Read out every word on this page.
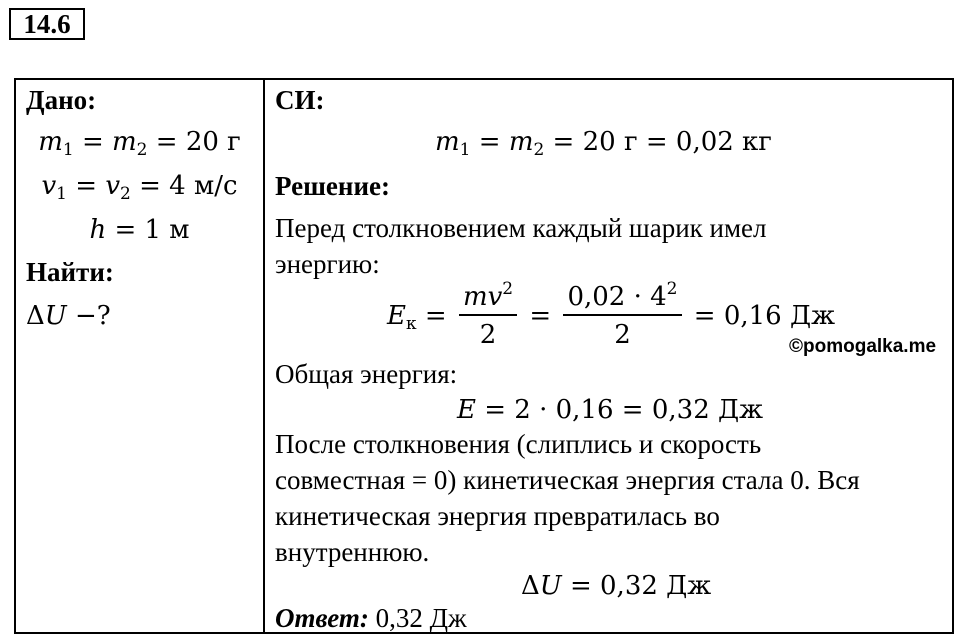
14.6
Дано:
$m_1 = m_2 = 20$ г
$v_1 = v_2 = 4$ м/с
h = 1 м
Найти:
ΔU −?
СИ:
$m_1 = m_2 = 20$ г = 0,02 кг
Решение:
Перед столкновением каждый шарик имел
энергию:
$E_к = \frac{mv^2}{2} = \frac{0,02 \cdot 4^2}{2} = 0,16$ Дж
©pomogalka.me
Общая энергия:
E = 2 · 0,16 = 0,32 Дж
После столкновения (слиплись и скорость
совместная = 0) кинетическая энергия стала 0. Вся
кинетическая энергия превратилась во
внутреннюю.
ΔU = 0,32 Дж
Ответ: 0,32 Дж
